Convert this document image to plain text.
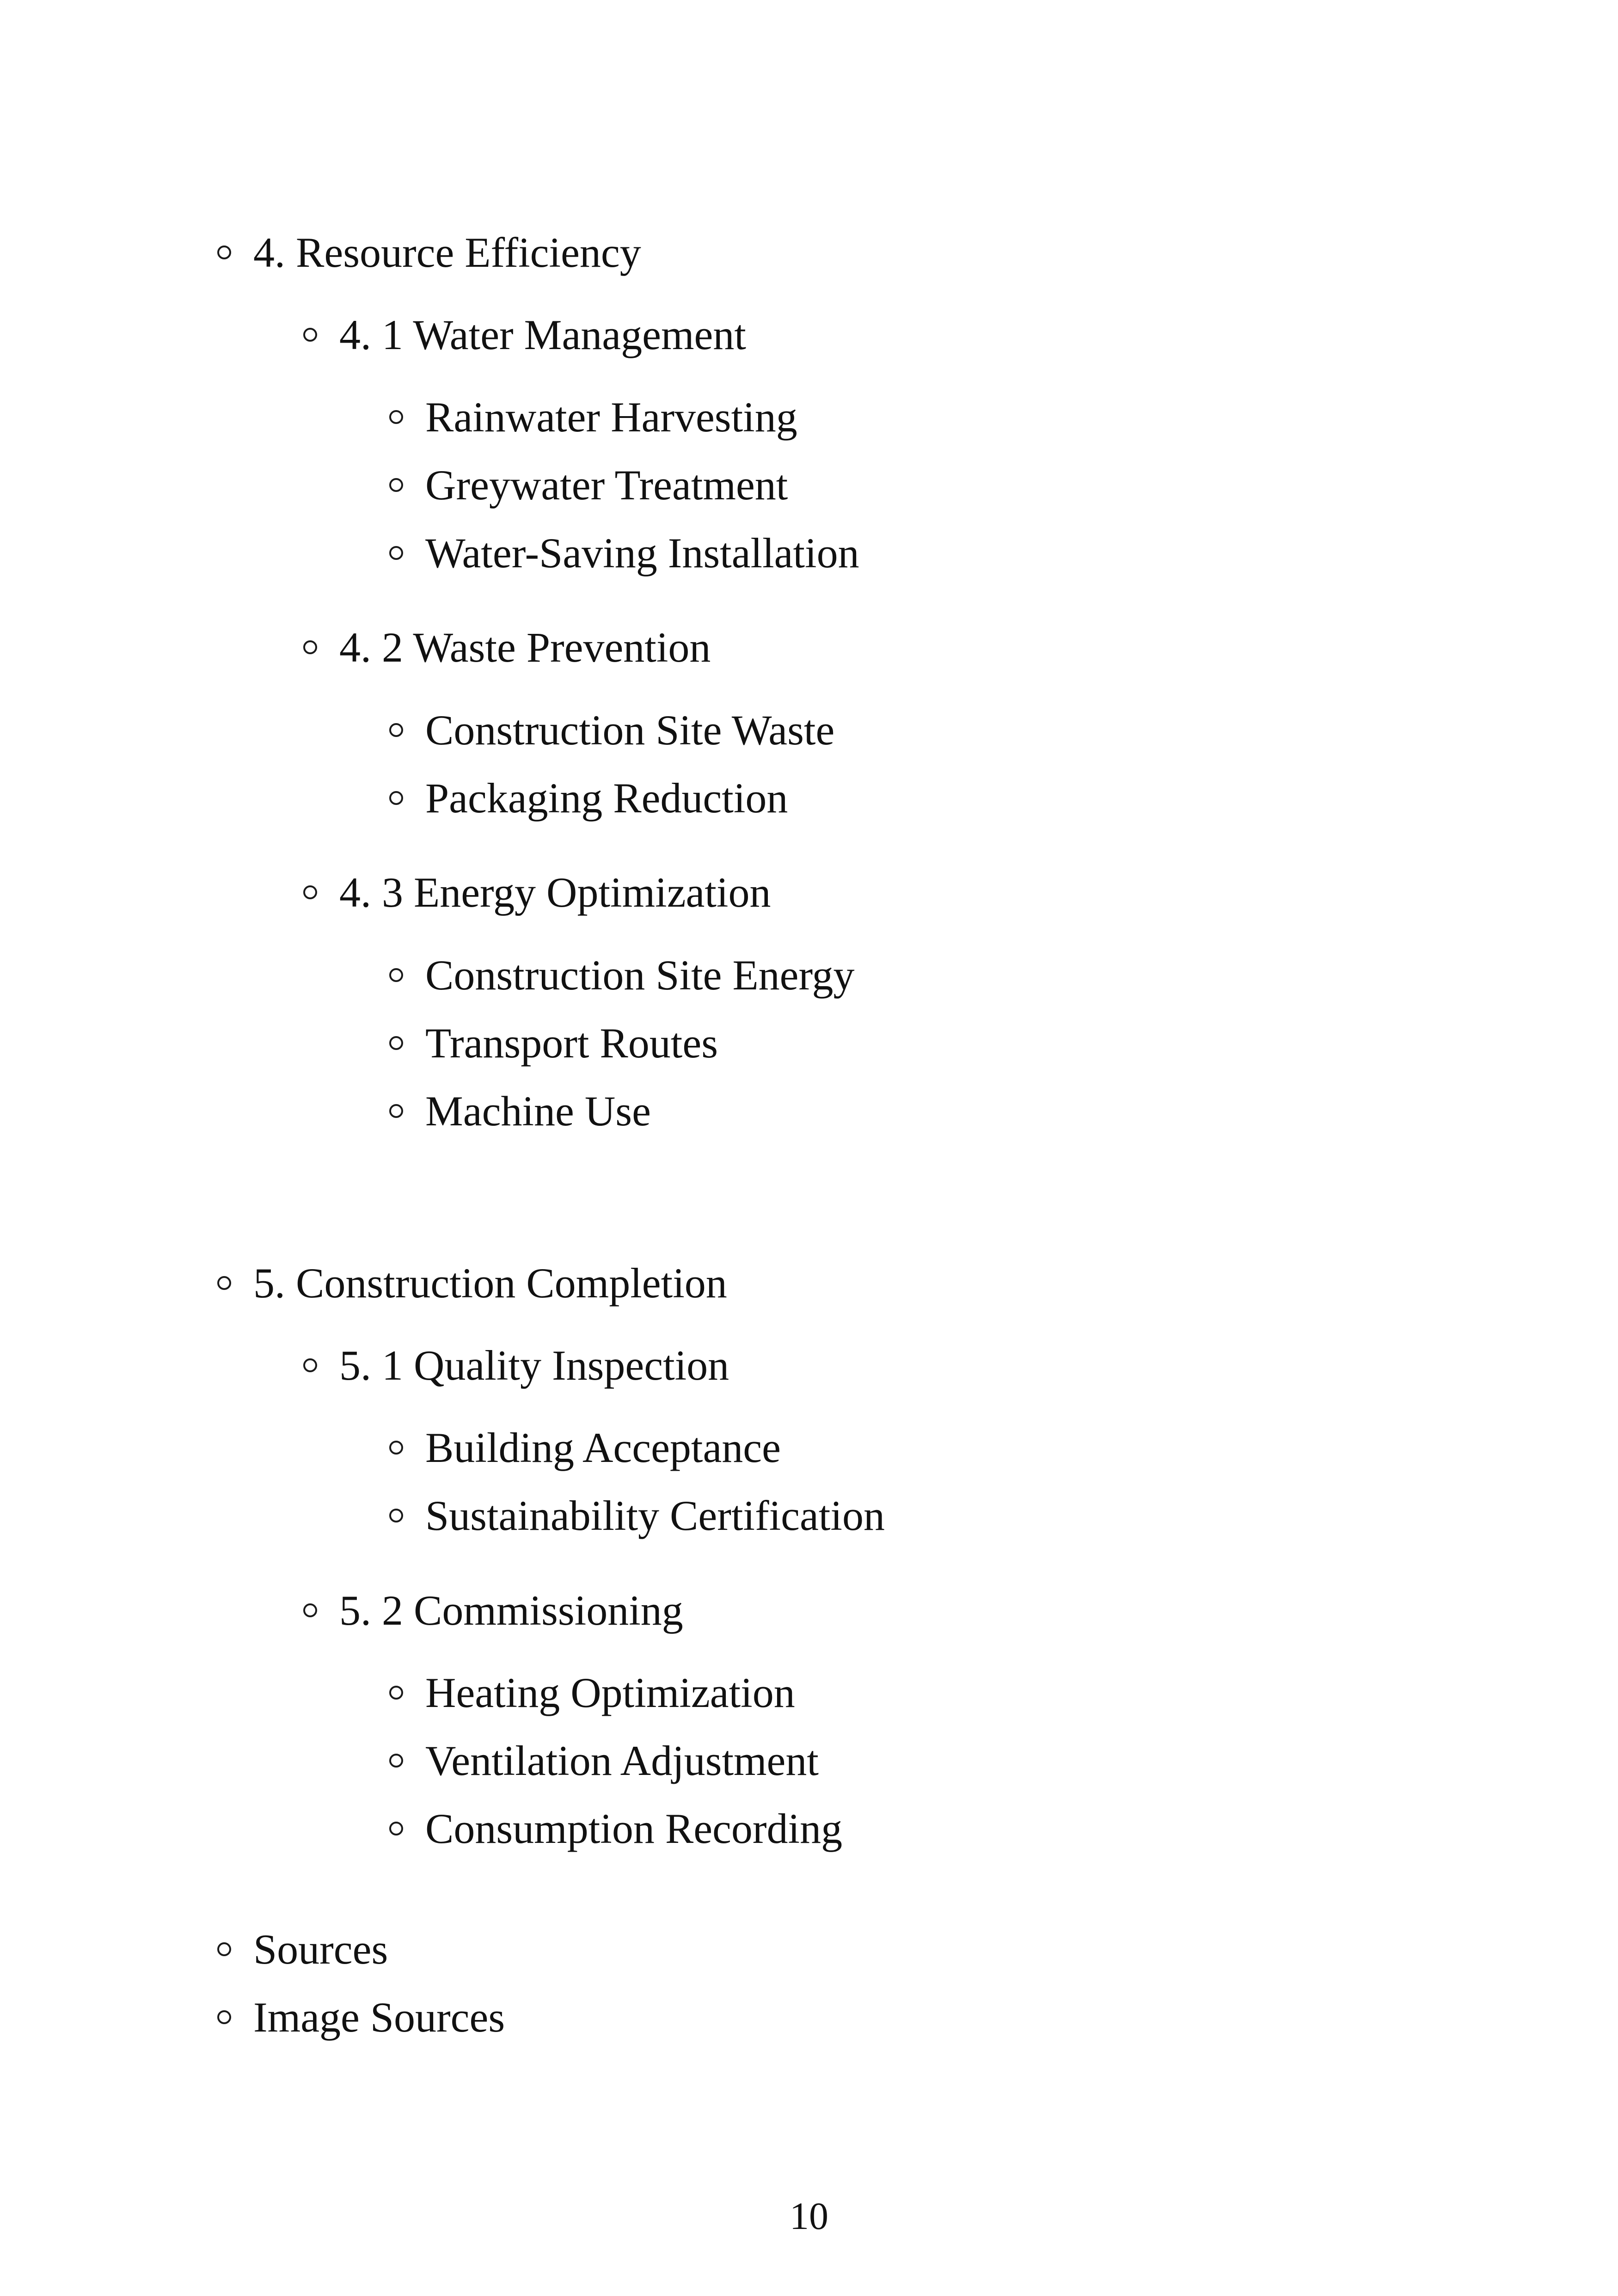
4. Resource Efficiency
4. 1 Water Management
Rainwater Harvesting
Greywater Treatment
Water-Saving Installation
4. 2 Waste Prevention
Construction Site Waste
Packaging Reduction
4. 3 Energy Optimization
Construction Site Energy
Transport Routes
Machine Use
5. Construction Completion
5. 1 Quality Inspection
Building Acceptance
Sustainability Certification
5. 2 Commissioning
Heating Optimization
Ventilation Adjustment
Consumption Recording
Sources
Image Sources
10
